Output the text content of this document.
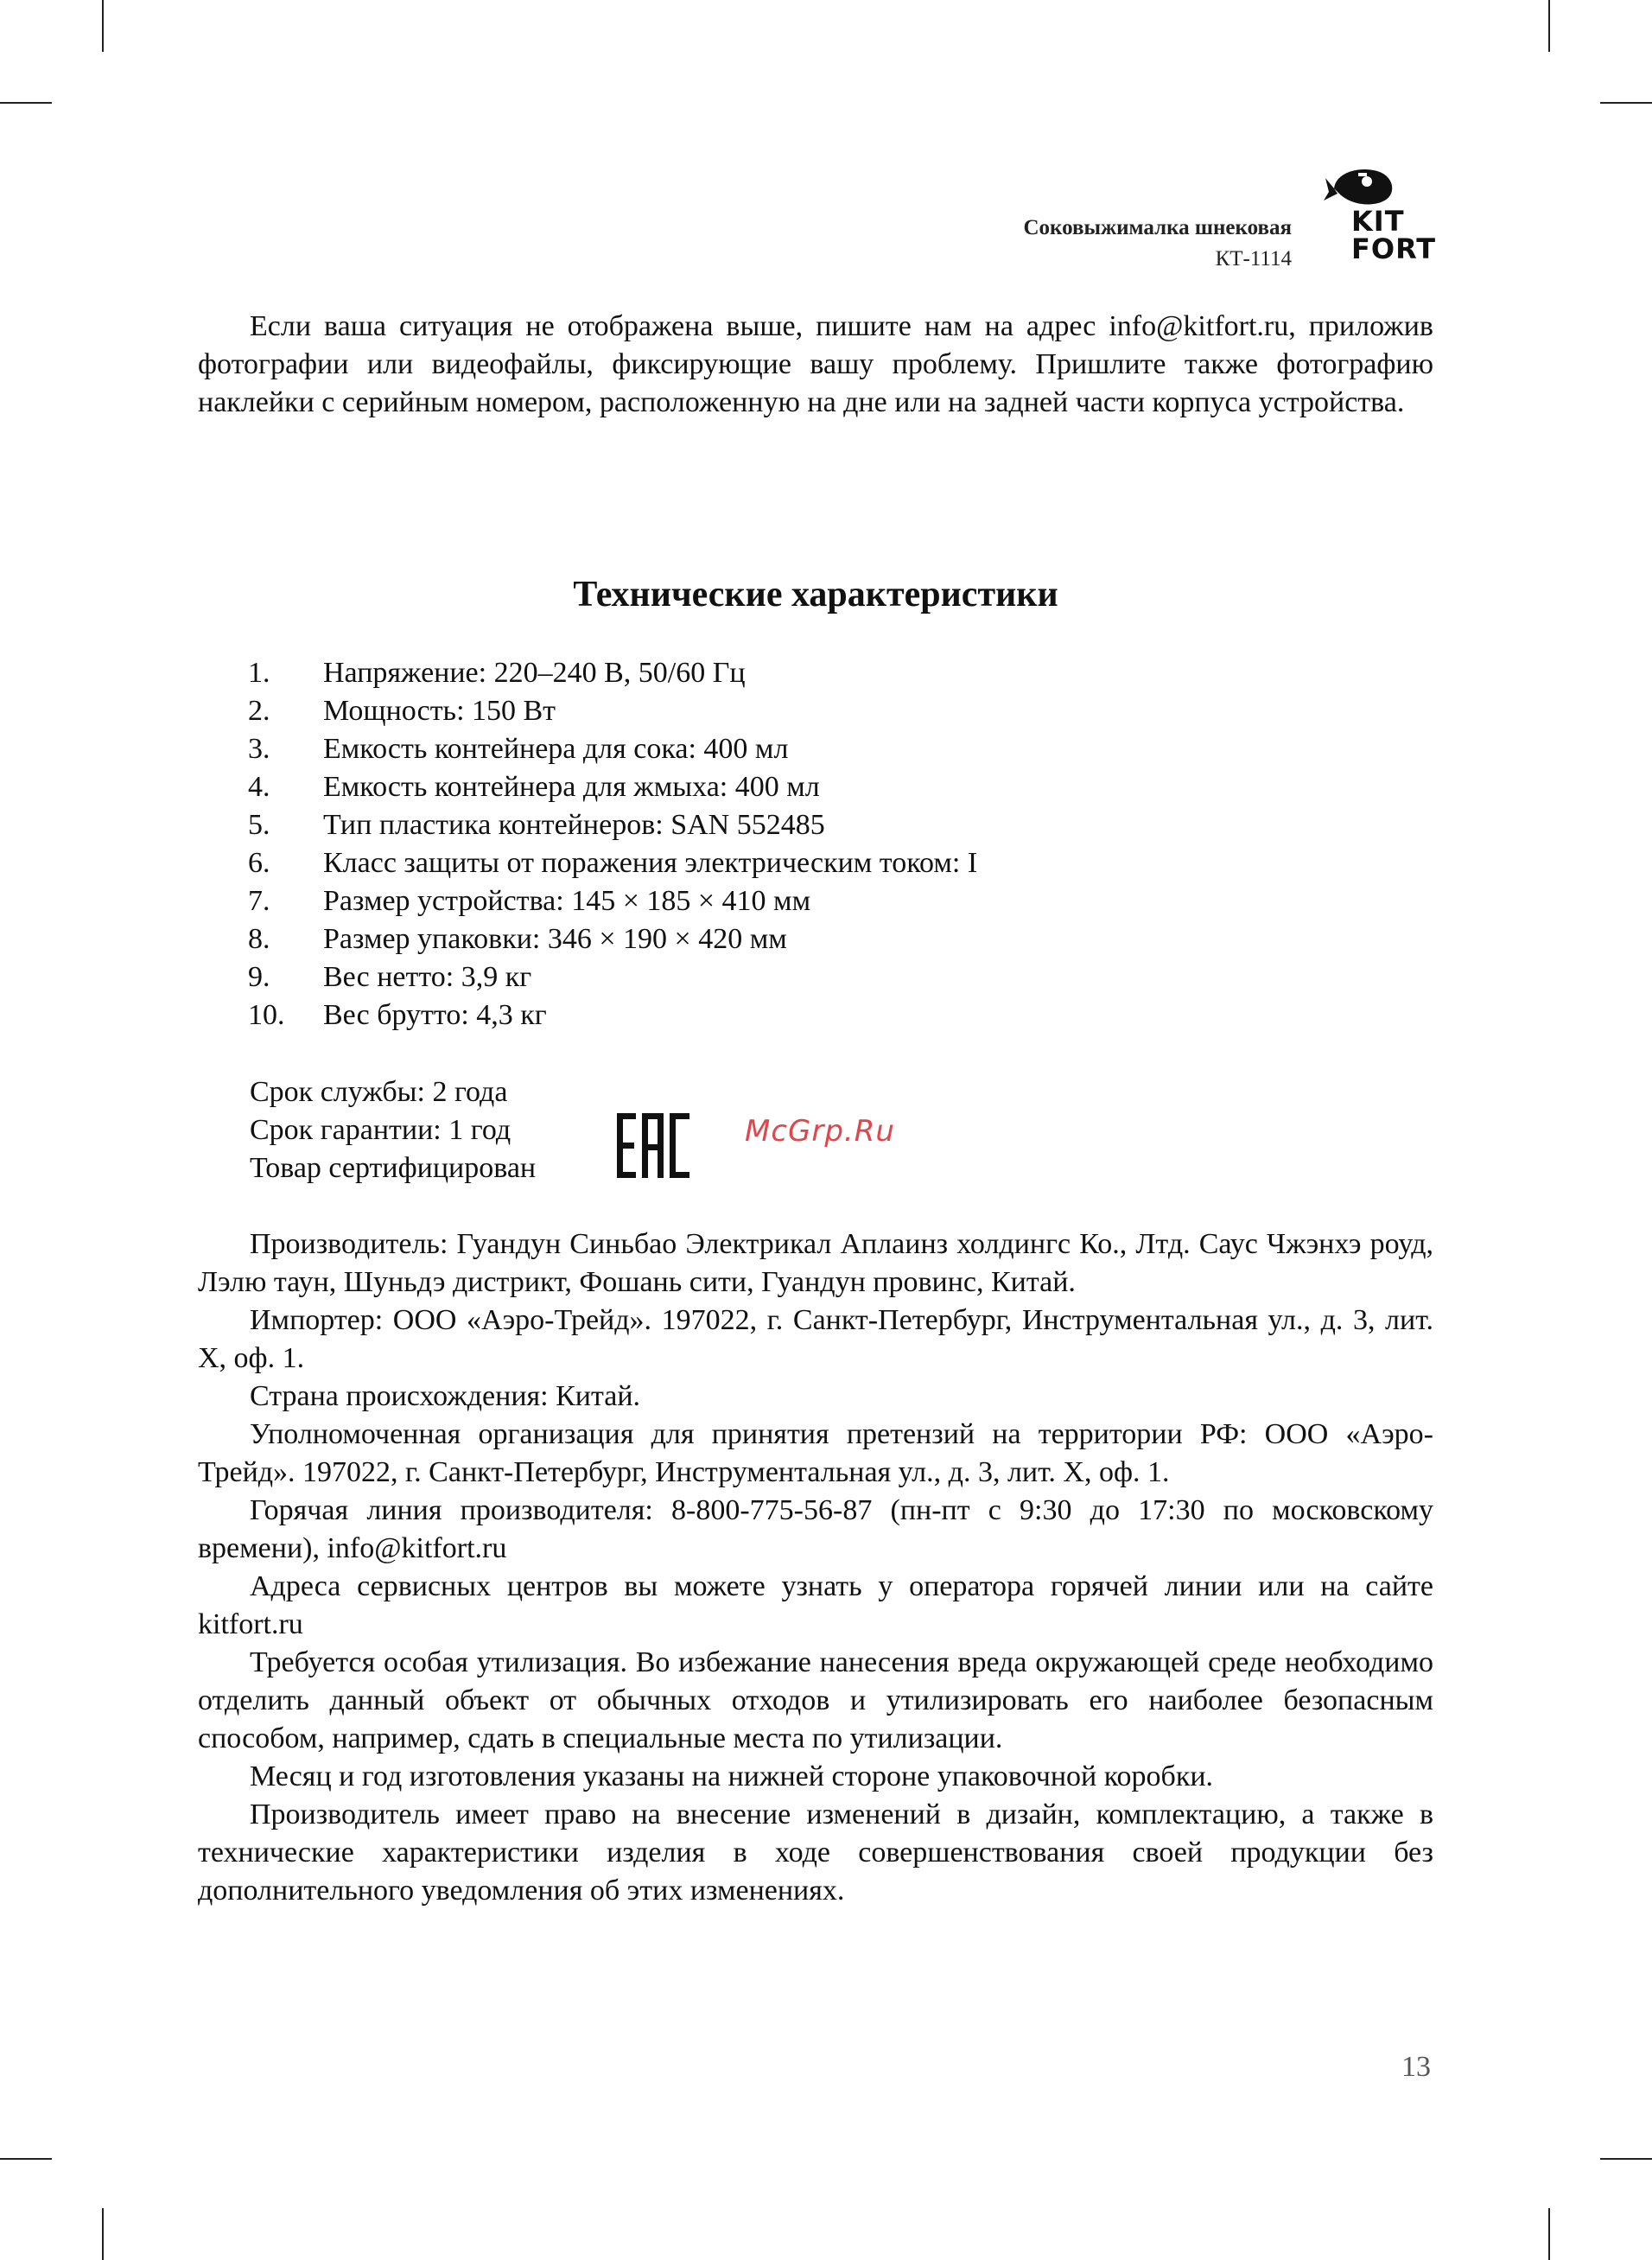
Соковыжималка шнековая
КТ-1114
KIT
FORT

Если ваша ситуация не отображена выше, пишите нам на адрес info@kitfort.ru, приложив фотографии или видеофайлы, фиксирующие вашу проблему. Пришлите также фотографию наклейки с серийным номером, расположенную на дне или на задней части корпуса устройства.

Технические характеристики
1. Напряжение: 220–240 В, 50/60 Гц
2. Мощность: 150 Вт
3. Емкость контейнера для сока: 400 мл
4. Емкость контейнера для жмыха: 400 мл
5. Тип пластика контейнеров: SAN 552485
6. Класс защиты от поражения электрическим током: I
7. Размер устройства: 145 × 185 × 410 мм
8. Размер упаковки: 346 × 190 × 420 мм
9. Вес нетто: 3,9 кг
10. Вес брутто: 4,3 кг
Срок службы: 2 года
Срок гарантии: 1 год
Товар сертифицирован
McGrp.Ru

Производитель: Гуандун Синьбао Электрикал Аплаинз холдингс Ко., Лтд. Саус Чжэнхэ роуд, Лэлю таун, Шуньдэ дистрикт, Фошань сити, Гуандун провинс, Китай.

Импортер: ООО «Аэро-Трейд». 197022, г. Санкт-Петербург, Инструментальная ул., д. 3, лит. Х, оф. 1.

Страна происхождения: Китай.

Уполномоченная организация для принятия претензий на территории РФ: ООО «Аэро-Трейд». 197022, г. Санкт-Петербург, Инструментальная ул., д. 3, лит. Х, оф. 1.

Горячая линия производителя: 8-800-775-56-87 (пн-пт с 9:30 до 17:30 по московскому времени), info@kitfort.ru

Адреса сервисных центров вы можете узнать у оператора горячей линии или на сайте kitfort.ru

Требуется особая утилизация. Во избежание нанесения вреда окружающей среде необходимо отделить данный объект от обычных отходов и утилизировать его наиболее безопасным способом, например, сдать в специальные места по утилизации.

Месяц и год изготовления указаны на нижней стороне упаковочной коробки.

Производитель имеет право на внесение изменений в дизайн, комплектацию, а также в технические характеристики изделия в ходе совершенствования своей продукции без дополнительного уведомления об этих изменениях.

13
